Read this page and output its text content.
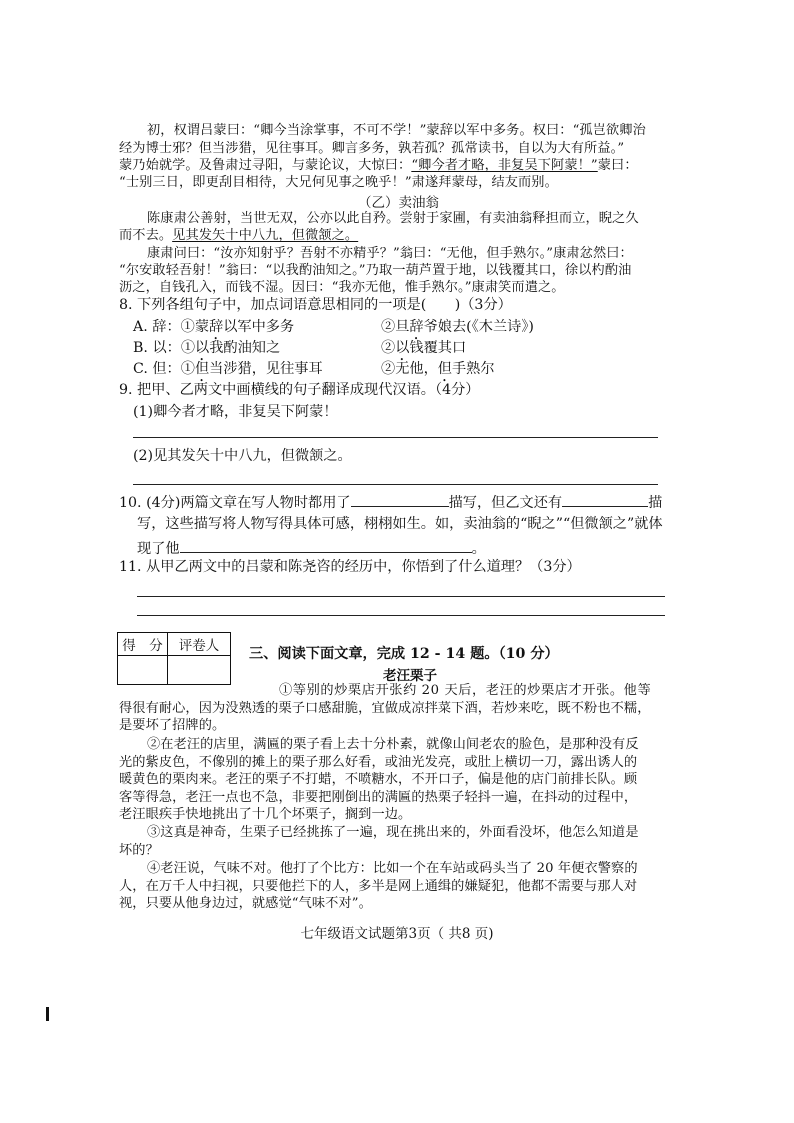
初，权谓吕蒙曰：“卿今当涂掌事，不可不学！”蒙辞以军中多务。权曰：“孤岂欲卿治
经为博士邪？但当涉猎，见往事耳。卿言多务，孰若孤？孤常读书，自以为大有所益。”
蒙乃始就学。及鲁肃过寻阳，与蒙论议，大惊曰：“卿今者才略，非复吴下阿蒙！”蒙曰：
“士别三日，即更刮目相待，大兄何见事之晚乎！”肃遂拜蒙母，结友而别。
（乙）卖油翁
陈康肃公善射，当世无双，公亦以此自矜。尝射于家圃，有卖油翁释担而立，睨之久
而不去。见其发矢十中八九，但微颔之。
康肃问曰：“汝亦知射乎？吾射不亦精乎？”翁曰：“无他，但手熟尔。”康肃忿然曰：
“尔安敢轻吾射！”翁曰：“以我酌油知之。”乃取一葫芦置于地，以钱覆其口，徐以杓酌油
沥之，自钱孔入，而钱不湿。因曰：“我亦无他，惟手熟尔。”康肃笑而遣之。
8. 下列各组句子中，加点词语意思相同的一项是(　　)（3分）
A. 辞：①蒙辞以军中多务	②旦辞爷娘去(《木兰诗》)
B. 以：①以我酌油知之	②以钱覆其口
C. 但：①但当涉猎，见往事耳	②无他，但手熟尔
9. 把甲、乙两文中画横线的句子翻译成现代汉语。（4分）
(1)卿今者才略，非复吴下阿蒙！
(2)见其发矢十中八九，但微颔之。
10. (4分)两篇文章在写人物时都用了	描写，但乙文还有	描
写，这些描写将人物写得具体可感，栩栩如生。如，卖油翁的“睨之”“但微颔之”就体
现了他	。
11. 从甲乙两文中的吕蒙和陈尧咨的经历中，你悟到了什么道理？（3分）
得　分	评卷人
	三、阅读下面文章，完成 12 - 14 题。（10 分）
老汪栗子
①等别的炒栗店开张约 20 天后，老汪的炒栗店才开张。他等
得很有耐心，因为没熟透的栗子口感甜脆，宜做成凉拌菜下酒，若炒来吃，既不粉也不糯，
是要坏了招牌的。
②在老汪的店里，满匾的栗子看上去十分朴素，就像山间老农的脸色，是那种没有反
光的紫皮色，不像别的摊上的栗子那么好看，或油光发亮，或肚上横切一刀，露出诱人的
暖黄色的栗肉来。老汪的栗子不打蜡，不喷糖水，不开口子，偏是他的店门前排长队。顾
客等得急，老汪一点也不急，非要把刚倒出的满匾的热栗子轻抖一遍，在抖动的过程中，
老汪眼疾手快地挑出了十几个坏栗子，搁到一边。
③这真是神奇，生栗子已经挑拣了一遍，现在挑出来的，外面看没坏，他怎么知道是
坏的？
④老汪说，气味不对。他打了个比方：比如一个在车站或码头当了 20 年便衣警察的
人，在万千人中扫视，只要他拦下的人，多半是网上通缉的嫌疑犯，他都不需要与那人对
视，只要从他身边过，就感觉“气味不对”。
七年级语文试题第3页（ 共8 页)
